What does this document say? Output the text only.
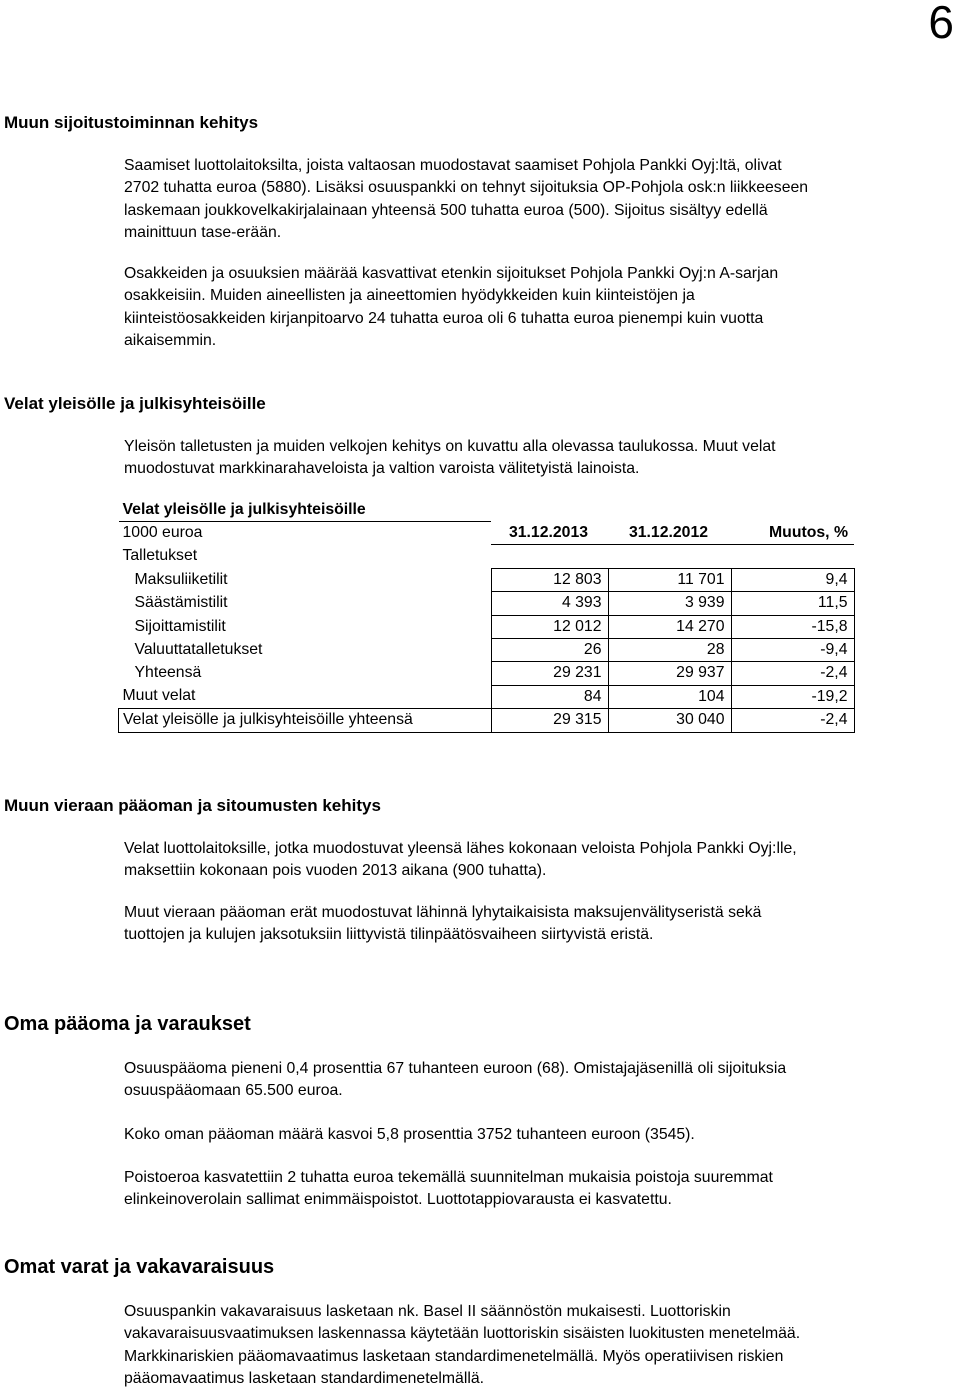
6
Muun sijoitustoiminnan kehitys
Saamiset luottolaitoksilta, joista valtaosan muodostavat saamiset Pohjola Pankki Oyj:ltä, olivat
2702 tuhatta euroa (5880). Lisäksi osuuspankki on tehnyt sijoituksia OP-Pohjola osk:n liikkeeseen
laskemaan joukkovelkakirjalainaan yhteensä 500 tuhatta euroa (500). Sijoitus sisältyy edellä
mainittuun tase-erään.
Osakkeiden ja osuuksien määrää kasvattivat etenkin sijoitukset Pohjola Pankki Oyj:n A-sarjan
osakkeisiin. Muiden aineellisten ja aineettomien hyödykkeiden kuin kiinteistöjen ja
kiinteistöosakkeiden kirjanpitoarvo 24 tuhatta euroa oli 6 tuhatta euroa pienempi kuin vuotta
aikaisemmin.
Velat yleisölle ja julkisyhteisöille
Yleisön talletusten ja muiden velkojen kehitys on kuvattu alla olevassa taulukossa. Muut velat
muodostuvat markkinarahaveloista ja valtion varoista välitetyistä lainoista.
Velat yleisölle ja julkisyhteisöille			
1000 euroa	31.12.2013	31.12.2012	Muutos, %
Talletukset			
Maksuliiketilit	12 803	11 701	9,4
Säästämistilit	4 393	3 939	11,5
Sijoittamistilit	12 012	14 270	-15,8
Valuuttatalletukset	26	28	-9,4
Yhteensä	29 231	29 937	-2,4
Muut velat	84	104	-19,2
Velat yleisölle ja julkisyhteisöille yhteensä	29 315	30 040	-2,4
Muun vieraan pääoman ja sitoumusten kehitys
Velat luottolaitoksille, jotka muodostuvat yleensä lähes kokonaan veloista Pohjola Pankki Oyj:lle,
maksettiin kokonaan pois vuoden 2013 aikana (900 tuhatta).
Muut vieraan pääoman erät muodostuvat lähinnä lyhytaikaisista maksujenvälityseristä sekä
tuottojen ja kulujen jaksotuksiin liittyvistä tilinpäätösvaiheen siirtyvistä eristä.
Oma pääoma ja varaukset
Osuuspääoma pieneni 0,4 prosenttia 67 tuhanteen euroon (68). Omistajajäsenillä oli sijoituksia
osuuspääomaan 65.500 euroa.
Koko oman pääoman määrä kasvoi 5,8 prosenttia 3752 tuhanteen euroon (3545).
Poistoeroa kasvatettiin 2 tuhatta euroa tekemällä suunnitelman mukaisia poistoja suuremmat
elinkeinoverolain sallimat enimmäispoistot. Luottotappiovarausta ei kasvatettu.
Omat varat ja vakavaraisuus
Osuuspankin vakavaraisuus lasketaan nk. Basel II säännöstön mukaisesti. Luottoriskin
vakavaraisuusvaatimuksen laskennassa käytetään luottoriskin sisäisten luokitusten menetelmää.
Markkinariskien pääomavaatimus lasketaan standardimenetelmällä. Myös operatiivisen riskien
pääomavaatimus lasketaan standardimenetelmällä.
